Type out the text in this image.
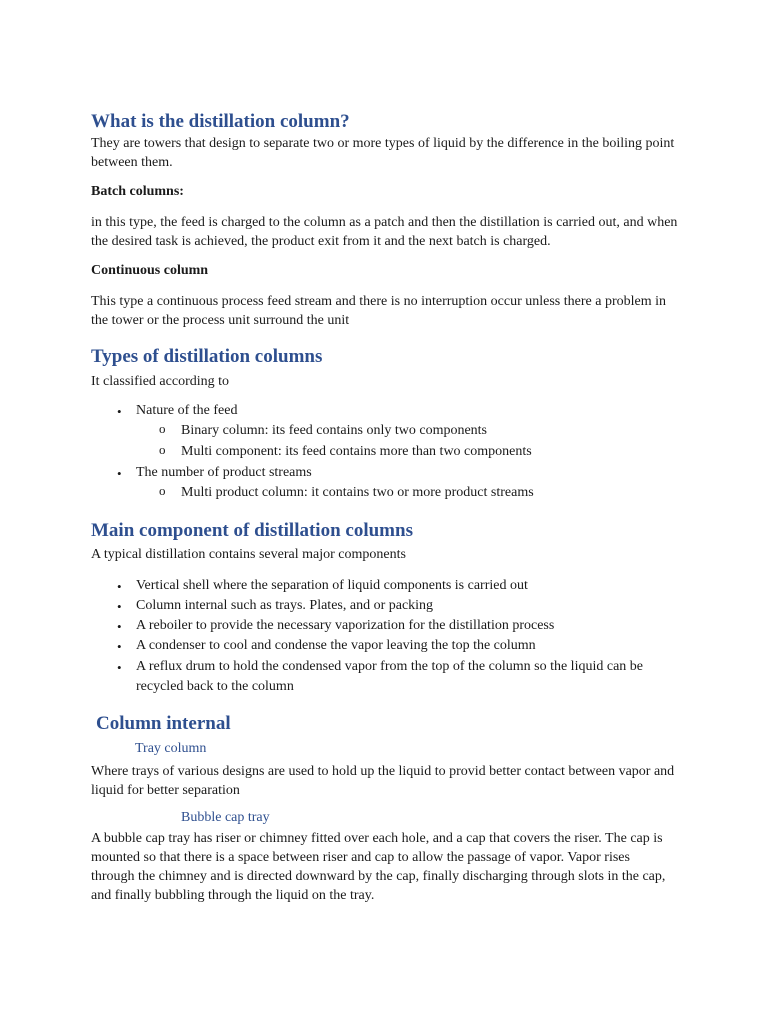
What is the distillation column?
They are towers that design to separate two or more types of liquid by the difference in the boiling point between them.
Batch columns:
in this type, the feed is charged to the column as a patch and then the distillation is carried out, and when the desired task is achieved, the product exit from it and the next batch is charged.
Continuous column
This type a continuous process feed stream and there is no interruption occur unless there a problem in the tower or the process unit surround the unit
Types of distillation columns
It classified according to
• Nature of the feed
o Binary column: its feed contains only two components
o Multi component: its feed contains more than two components
• The number of product streams
o Multi product column: it contains two or more product streams
Main component of distillation columns
A typical distillation contains several major components
• Vertical shell where the separation of liquid components is carried out
• Column internal such as trays. Plates, and or packing
• A reboiler to provide the necessary vaporization for the distillation process
• A condenser to cool and condense the vapor leaving the top the column
• A reflux drum to hold the condensed vapor from the top of the column so the liquid can be recycled back to the column
Column internal
Tray column
Where trays of various designs are used to hold up the liquid to provid better contact between vapor and liquid for better separation
Bubble cap tray
A bubble cap tray has riser or chimney fitted over each hole, and a cap that covers the riser. The cap is mounted so that there is a space between riser and cap to allow the passage of vapor. Vapor rises through the chimney and is directed downward by the cap, finally discharging through slots in the cap, and finally bubbling through the liquid on the tray.
